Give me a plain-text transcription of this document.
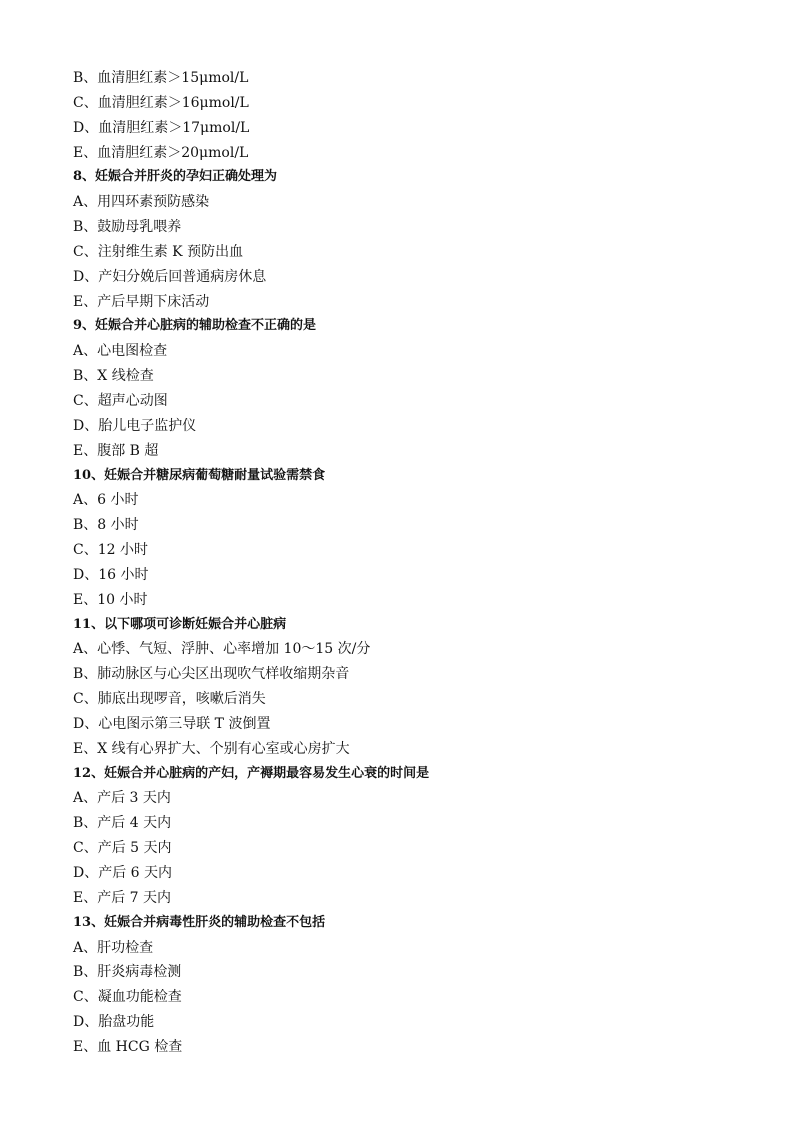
B、血清胆红素＞15μmol/L
C、血清胆红素＞16μmol/L
D、血清胆红素＞17μmol/L
E、血清胆红素＞20μmol/L
8、妊娠合并肝炎的孕妇正确处理为
A、用四环素预防感染
B、鼓励母乳喂养
C、注射维生素 K 预防出血
D、产妇分娩后回普通病房休息
E、产后早期下床活动
9、妊娠合并心脏病的辅助检查不正确的是
A、心电图检查
B、X 线检查
C、超声心动图
D、胎儿电子监护仪
E、腹部 B 超
10、妊娠合并糖尿病葡萄糖耐量试验需禁食
A、6 小时
B、8 小时
C、12 小时
D、16 小时
E、10 小时
11、以下哪项可诊断妊娠合并心脏病
A、心悸、气短、浮肿、心率增加 10～15 次/分
B、肺动脉区与心尖区出现吹气样收缩期杂音
C、肺底出现啰音，咳嗽后消失
D、心电图示第三导联 T 波倒置
E、X 线有心界扩大、个别有心室或心房扩大
12、妊娠合并心脏病的产妇，产褥期最容易发生心衰的时间是
A、产后 3 天内
B、产后 4 天内
C、产后 5 天内
D、产后 6 天内
E、产后 7 天内
13、妊娠合并病毒性肝炎的辅助检查不包括
A、肝功检查
B、肝炎病毒检测
C、凝血功能检查
D、胎盘功能
E、血 HCG 检查
